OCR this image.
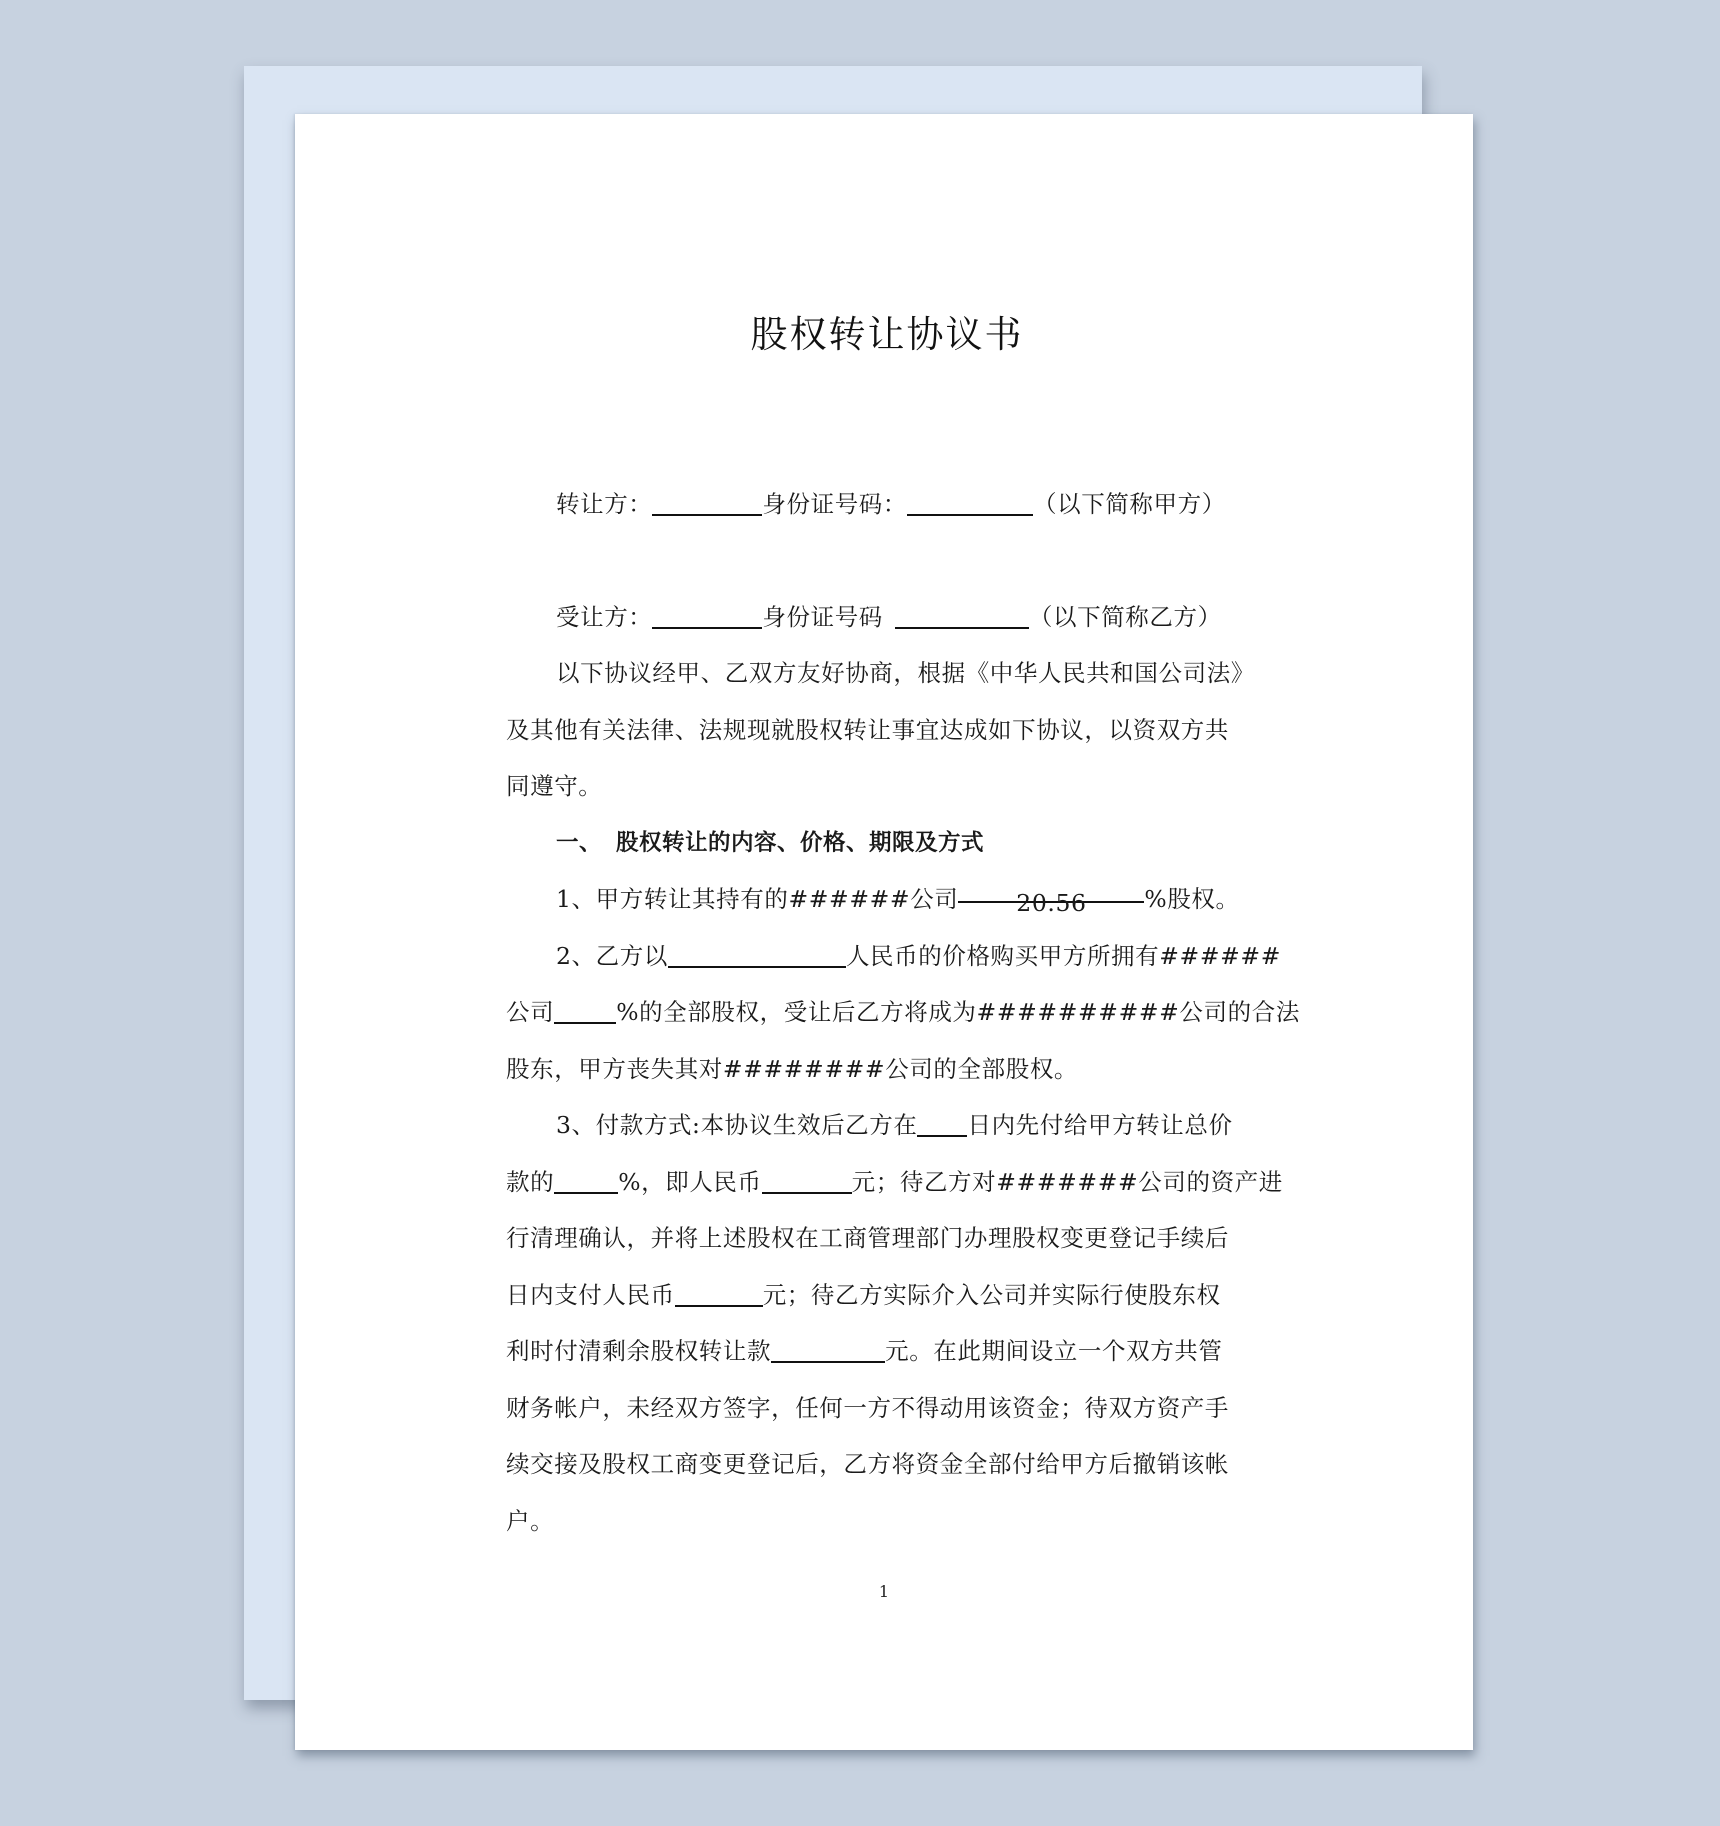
股权转让协议书
转让方：	身份证号码：	（以下简称甲方）
受让方：	身份证号码	（以下简称乙方）
以下协议经甲、乙双方友好协商，根据《中华人民共和国公司法》
及其他有关法律、法规现就股权转让事宜达成如下协议，以资双方共
同遵守。
一、 股权转让的内容、价格、期限及方式
1、甲方转让其持有的######公司 20.56 %股权。
2、乙方以	人民币的价格购买甲方所拥有######
公司	%的全部股权，受让后乙方将成为##########公司的合法
股东，甲方丧失其对########公司的全部股权。
3、付款方式:本协议生效后乙方在 日内先付给甲方转让总价
款的	%，即人民币	元；待乙方对#######公司的资产进
行清理确认，并将上述股权在工商管理部门办理股权变更登记手续后
日内支付人民币	元；待乙方实际介入公司并实际行使股东权
利时付清剩余股权转让款	元。在此期间设立一个双方共管
财务帐户，未经双方签字，任何一方不得动用该资金；待双方资产手
续交接及股权工商变更登记后，乙方将资金全部付给甲方后撤销该帐
户。
1
